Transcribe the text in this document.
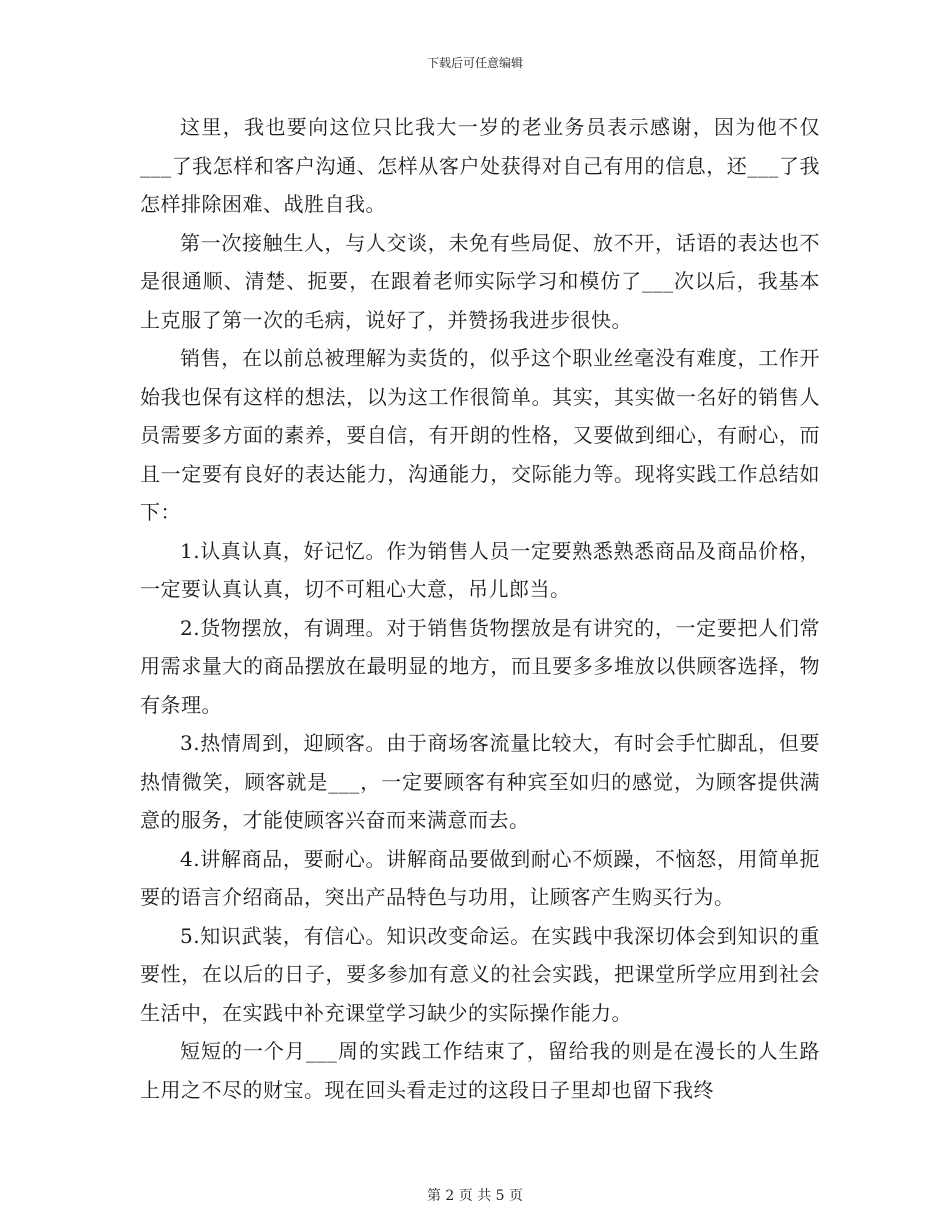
下载后可任意编辑

这里，我也要向这位只比我大一岁的老业务员表示感谢，因为他不仅___了我怎样和客户沟通、怎样从客户处获得对自己有用的信息，还___了我怎样排除困难、战胜自我。

第一次接触生人，与人交谈，未免有些局促、放不开，话语的表达也不是很通顺、清楚、扼要，在跟着老师实际学习和模仿了___次以后，我基本上克服了第一次的毛病，说好了，并赞扬我进步很快。

销售，在以前总被理解为卖货的，似乎这个职业丝毫没有难度，工作开始我也保有这样的想法，以为这工作很简单。其实，其实做一名好的销售人员需要多方面的素养，要自信，有开朗的性格，又要做到细心，有耐心，而且一定要有良好的表达能力，沟通能力，交际能力等。现将实践工作总结如下：

1.认真认真，好记忆。作为销售人员一定要熟悉熟悉商品及商品价格，一定要认真认真，切不可粗心大意，吊儿郎当。

2.货物摆放，有调理。对于销售货物摆放是有讲究的，一定要把人们常用需求量大的商品摆放在最明显的地方，而且要多多堆放以供顾客选择，物有条理。

3.热情周到，迎顾客。由于商场客流量比较大，有时会手忙脚乱，但要热情微笑，顾客就是___，一定要顾客有种宾至如归的感觉，为顾客提供满意的服务，才能使顾客兴奋而来满意而去。

4.讲解商品，要耐心。讲解商品要做到耐心不烦躁，不恼怒，用简单扼要的语言介绍商品，突出产品特色与功用，让顾客产生购买行为。

5.知识武装，有信心。知识改变命运。在实践中我深切体会到知识的重要性，在以后的日子，要多参加有意义的社会实践，把课堂所学应用到社会生活中，在实践中补充课堂学习缺少的实际操作能力。

短短的一个月___周的实践工作结束了，留给我的则是在漫长的人生路上用之不尽的财宝。现在回头看走过的这段日子里却也留下我终

第 2 页 共 5 页
